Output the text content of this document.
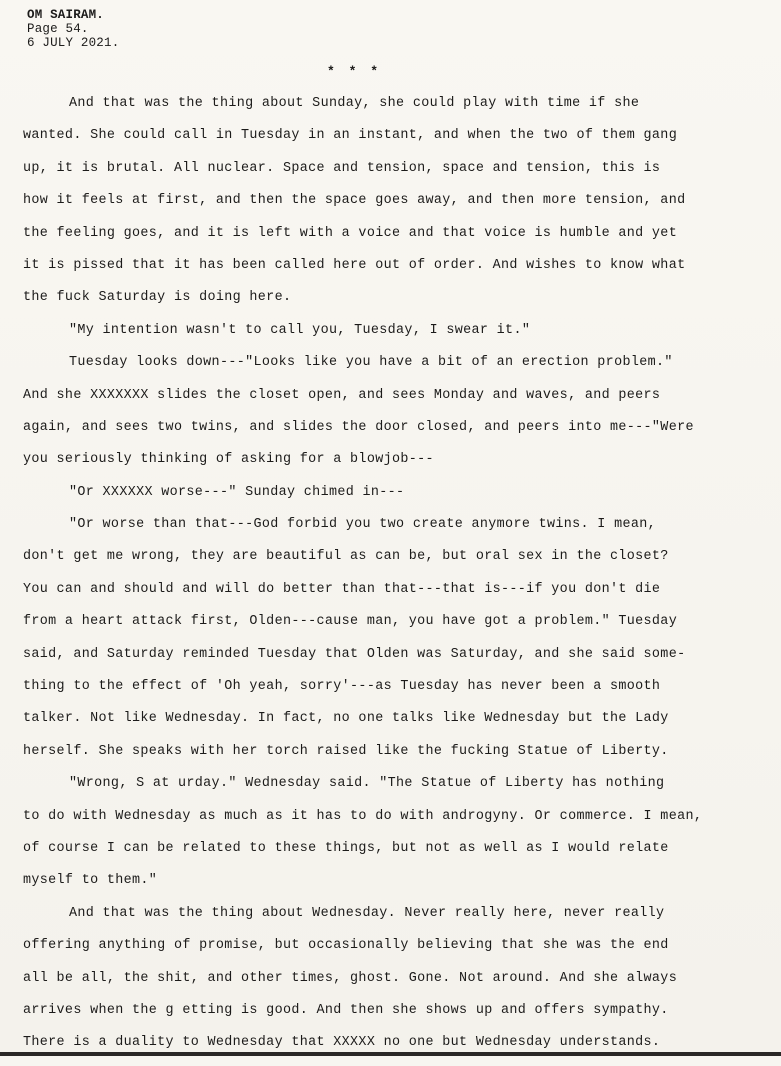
OM SAIRAM.
Page 54.
6 JULY 2021.
* * *
And that was the thing about Sunday, she could play with time if she
wanted. She could call in Tuesday in an instant, and when the two of them gang
up, it is brutal. All nuclear. Space and tension, space and tension, this is
how it feels at first, and then the space goes away, and then more tension, and
the feeling goes, and it is left with a voice and that voice is humble and yet
it is pissed that it has been called here out of order. And wishes to know what
the fuck Saturday is doing here.
"My intention wasn't to call you, Tuesday, I swear it."
Tuesday looks down---"Looks like you have a bit of an erection problem."
And she XXXXXXX slides the closet open, and sees Monday and waves, and peers
again, and sees two twins, and slides the door closed, and peers into me---"Were
you seriously thinking of asking for a blowjob---
"Or XXXXXX worse---" Sunday chimed in---
"Or worse than that---God forbid you two create anymore twins. I mean,
don't get me wrong, they are beautiful as can be, but oral sex in the closet?
You can and should and will do better than that---that is---if you don't die
from a heart attack first, Olden---cause man, you have got a problem." Tuesday
said, and Saturday reminded Tuesday that Olden was Saturday, and she said some-
thing to the effect of 'Oh yeah, sorry'---as Tuesday has never been a smooth
talker. Not like Wednesday. In fact, no one talks like Wednesday but the Lady
herself. She speaks with her torch raised like the fucking Statue of Liberty.
"Wrong, S at urday." Wednesday said. "The Statue of Liberty has nothing
to do with Wednesday as much as it has to do with androgyny. Or commerce. I mean,
of course I can be related to these things, but not as well as I would relate
myself to them."
And that was the thing about Wednesday. Never really here, never really
offering anything of promise, but occasionally believing that she was the end
all be all, the shit, and other times, ghost. Gone. Not around. And she always
arrives when the g etting is good. And then she shows up and offers sympathy.
There is a duality to Wednesday that XXXXX no one but Wednesday understands.
